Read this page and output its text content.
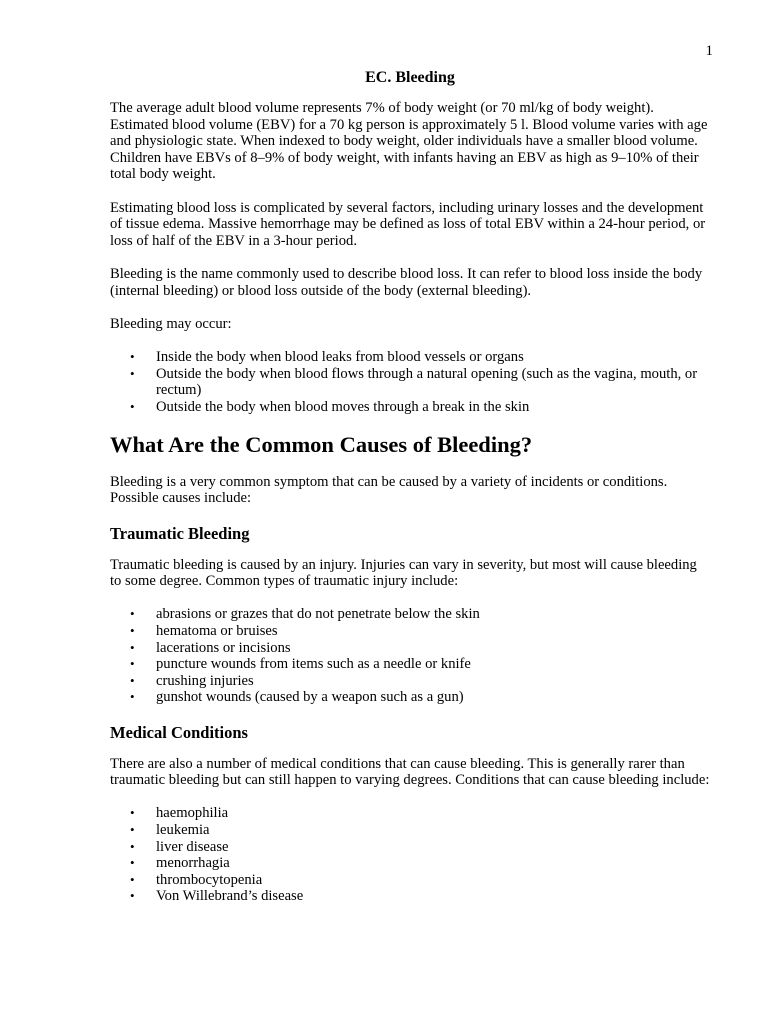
1
EC. Bleeding

The average adult blood volume represents 7% of body weight (or 70 ml/kg of body weight). Estimated blood volume (EBV) for a 70 kg person is approximately 5 l. Blood volume varies with age and physiologic state. When indexed to body weight, older individuals have a smaller blood volume. Children have EBVs of 8–9% of body weight, with infants having an EBV as high as 9–10% of their total body weight.

Estimating blood loss is complicated by several factors, including urinary losses and the development of tissue edema. Massive hemorrhage may be defined as loss of total EBV within a 24-hour period, or loss of half of the EBV in a 3-hour period.

Bleeding is the name commonly used to describe blood loss. It can refer to blood loss inside the body (internal bleeding) or blood loss outside of the body (external bleeding).

Bleeding may occur:

• Inside the body when blood leaks from blood vessels or organs
• Outside the body when blood flows through a natural opening (such as the vagina, mouth, or rectum)
• Outside the body when blood moves through a break in the skin
What Are the Common Causes of Bleeding?

Bleeding is a very common symptom that can be caused by a variety of incidents or conditions. Possible causes include:

Traumatic Bleeding

Traumatic bleeding is caused by an injury. Injuries can vary in severity, but most will cause bleeding to some degree. Common types of traumatic injury include:

• abrasions or grazes that do not penetrate below the skin
• hematoma or bruises
• lacerations or incisions
• puncture wounds from items such as a needle or knife
• crushing injuries
• gunshot wounds (caused by a weapon such as a gun)
Medical Conditions

There are also a number of medical conditions that can cause bleeding. This is generally rarer than traumatic bleeding but can still happen to varying degrees. Conditions that can cause bleeding include:

• haemophilia
• leukemia
• liver disease
• menorrhagia
• thrombocytopenia
• Von Willebrand’s disease
